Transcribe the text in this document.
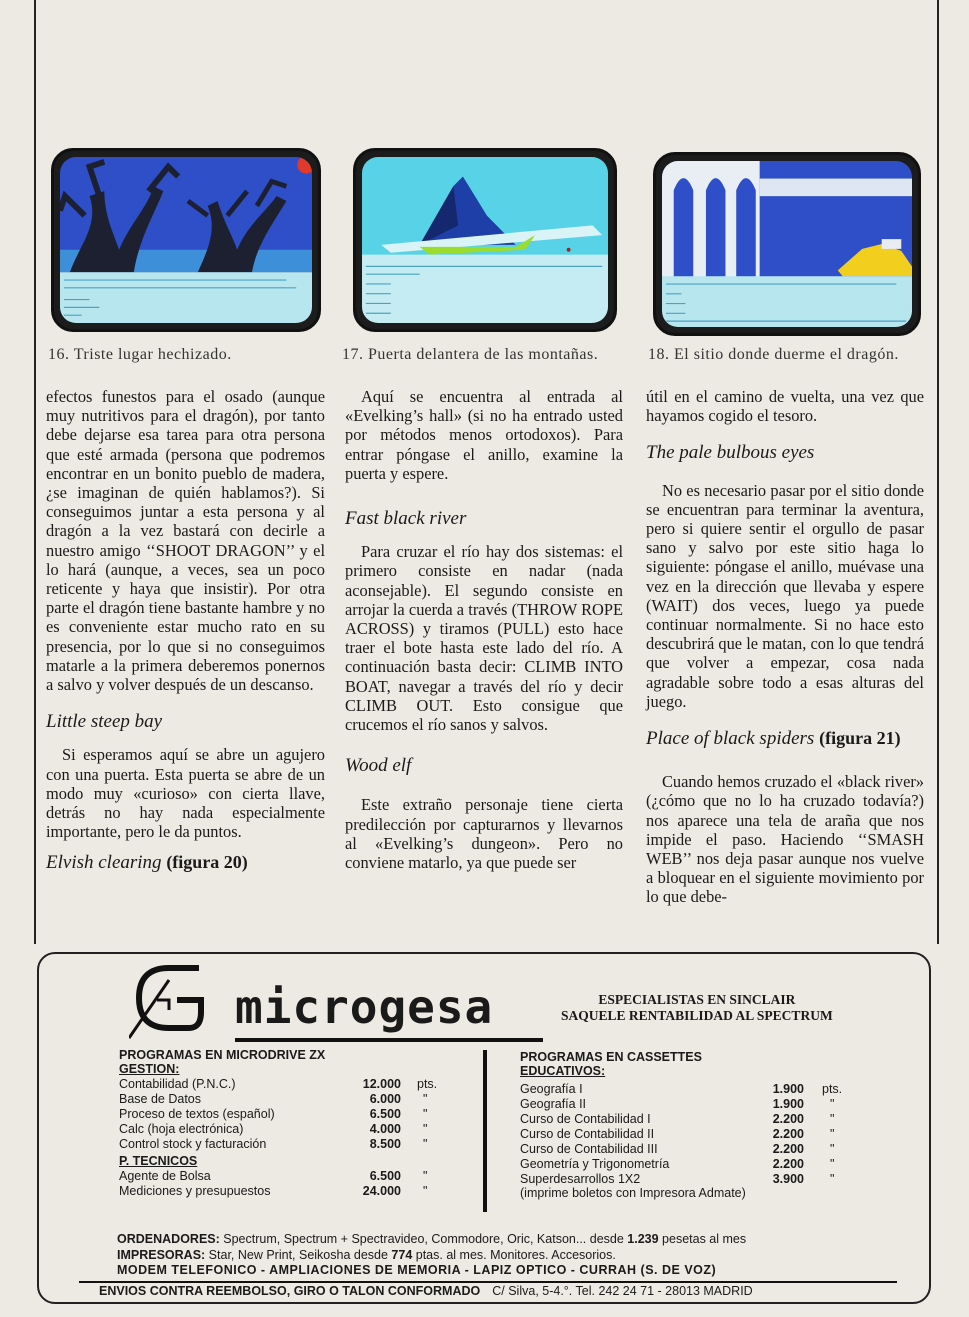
16. Triste lugar hechizado.	17. Puerta delantera de las montañas.	18. El sitio donde duerme el dragón.

efectos funestos para el osado (aunque muy nutritivos para el dragón), por tanto debe dejarse esa tarea para otra persona que esté armada (persona que podremos encontrar en un bonito pueblo de madera, ¿se imaginan de quién hablamos?). Si conseguimos juntar a esta persona y al dragón a la vez bastará con decirle a nuestro amigo ‘‘SHOOT DRAGON’’ y el lo hará (aunque, a veces, sea un poco reticente y haya que insistir). Por otra parte el dragón tiene bastante hambre y no es conveniente estar mucho rato en su presencia, por lo que si no conseguimos matarle a la primera deberemos ponernos a salvo y volver después de un descanso.

Little steep bay

Si esperamos aquí se abre un agujero con una puerta. Esta puerta se abre de un modo muy «curioso» con cierta llave, detrás no hay nada especialmente importante, pero le da puntos.

Elvish clearing (figura 20)

Aquí se encuentra al entrada al «Evelking’s hall» (si no ha entrado usted por métodos menos ortodoxos). Para entrar póngase el anillo, examine la puerta y espere.

Fast black river

Para cruzar el río hay dos sistemas: el primero consiste en nadar (nada aconsejable). El segundo consiste en arrojar la cuerda a través (THROW ROPE ACROSS) y tiramos (PULL) esto hace traer el bote hasta este lado del río. A continuación basta decir: CLIMB INTO BOAT, navegar a través del río y decir CLIMB OUT. Esto consigue que crucemos el río sanos y salvos.

Wood elf

Este extraño personaje tiene cierta predilección por capturarnos y llevarnos al «Evelking’s dungeon». Pero no conviene matarlo, ya que puede ser

útil en el camino de vuelta, una vez que hayamos cogido el tesoro.

The pale bulbous eyes

No es necesario pasar por el sitio donde se encuentran para terminar la aventura, pero si quiere sentir el orgullo de pasar sano y salvo por este sitio haga lo siguiente: póngase el anillo, muévase una vez en la dirección que llevaba y espere (WAIT) dos veces, luego ya puede continuar normalmente. Si no hace esto descubrirá que le matan, con lo que tendrá que volver a empezar, cosa nada agradable sobre todo a esas alturas del juego.

Place of black spiders (figura 21)

Cuando hemos cruzado el «black river» (¿cómo que no lo ha cruzado todavía?) nos aparece una tela de araña que nos impide el paso. Haciendo ‘‘SMASH WEB’’ nos deja pasar aunque nos vuelve a bloquear en el siguiente movimiento por lo que debe-

microgesa	ESPECIALISTAS EN SINCLAIR
SAQUELE RENTABILIDAD AL SPECTRUM
PROGRAMAS EN MICRODRIVE ZX
GESTION:
Contabilidad (P.N.C.)	12.000	pts.
Base de Datos	6.000	"
Proceso de textos (español)	6.500	"
Calc (hoja electrónica)	4.000	"
Control stock y facturación	8.500	"
P. TECNICOS
Agente de Bolsa	6.500	"
Mediciones y presupuestos	24.000	"
PROGRAMAS EN CASSETTES
EDUCATIVOS:
Geografía I	1.900	pts.
Geografía II	1.900	"
Curso de Contabilidad I	2.200	"
Curso de Contabilidad II	2.200	"
Curso de Contabilidad III	2.200	"
Geometría y Trigonometría	2.200	"
Superdesarrollos 1X2	3.900	"
(imprime boletos con Impresora Admate)
ORDENADORES: Spectrum, Spectrum + Spectravideo, Commodore, Oric, Katson... desde 1.239 pesetas al mes
IMPRESORAS: Star, New Print, Seikosha desde 774 ptas. al mes. Monitores. Accesorios.
MODEM TELEFONICO - AMPLIACIONES DE MEMORIA - LAPIZ OPTICO - CURRAH (S. DE VOZ)
ENVIOS CONTRA REEMBOLSO, GIRO O TALON CONFORMADO C/ Silva, 5-4.°. Tel. 242 24 71 - 28013 MADRID
